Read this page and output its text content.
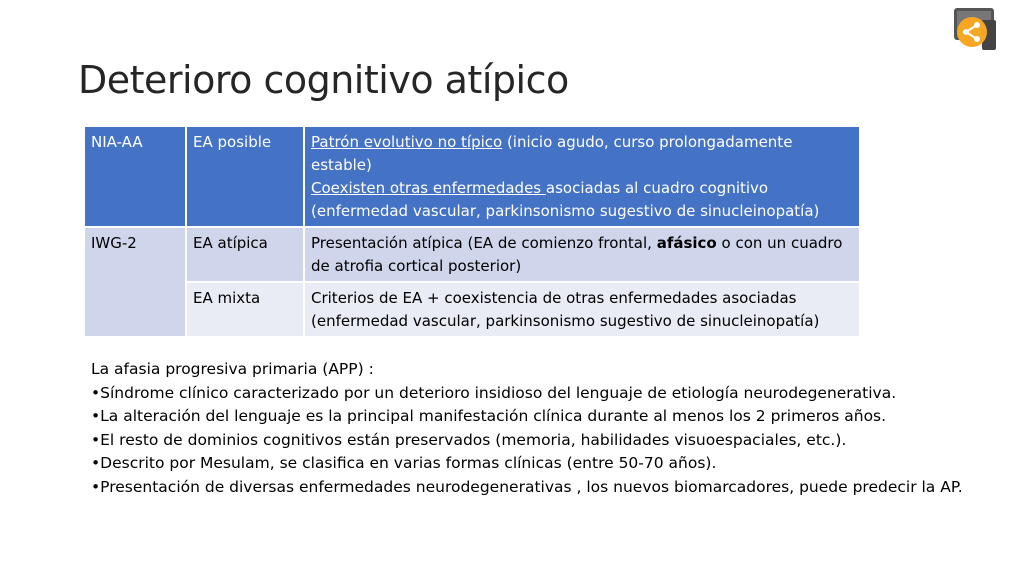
Deterioro cognitivo atípico
NIA-AA	EA posible	Patrón evolutivo no típico (inicio agudo, curso prolongadamente estable)
Coexisten otras enfermedades asociadas al cuadro cognitivo (enfermedad vascular, parkinsonismo sugestivo de sinucleinopatía)
IWG-2	EA atípica	Presentación atípica (EA de comienzo frontal, afásico o con un cuadro de atrofia cortical posterior)
	EA mixta	Criterios de EA + coexistencia de otras enfermedades asociadas (enfermedad vascular, parkinsonismo sugestivo de sinucleinopatía)
La afasia progresiva primaria (APP) :
•Síndrome clínico caracterizado por un deterioro insidioso del lenguaje de etiología neurodegenerativa.
•La alteración del lenguaje es la principal manifestación clínica durante al menos los 2 primeros años.
•El resto de dominios cognitivos están preservados (memoria, habilidades visuoespaciales, etc.).
•Descrito por Mesulam, se clasifica en varias formas clínicas (entre 50-70 años).
•Presentación de diversas enfermedades neurodegenerativas , los nuevos biomarcadores, puede predecir la AP.
